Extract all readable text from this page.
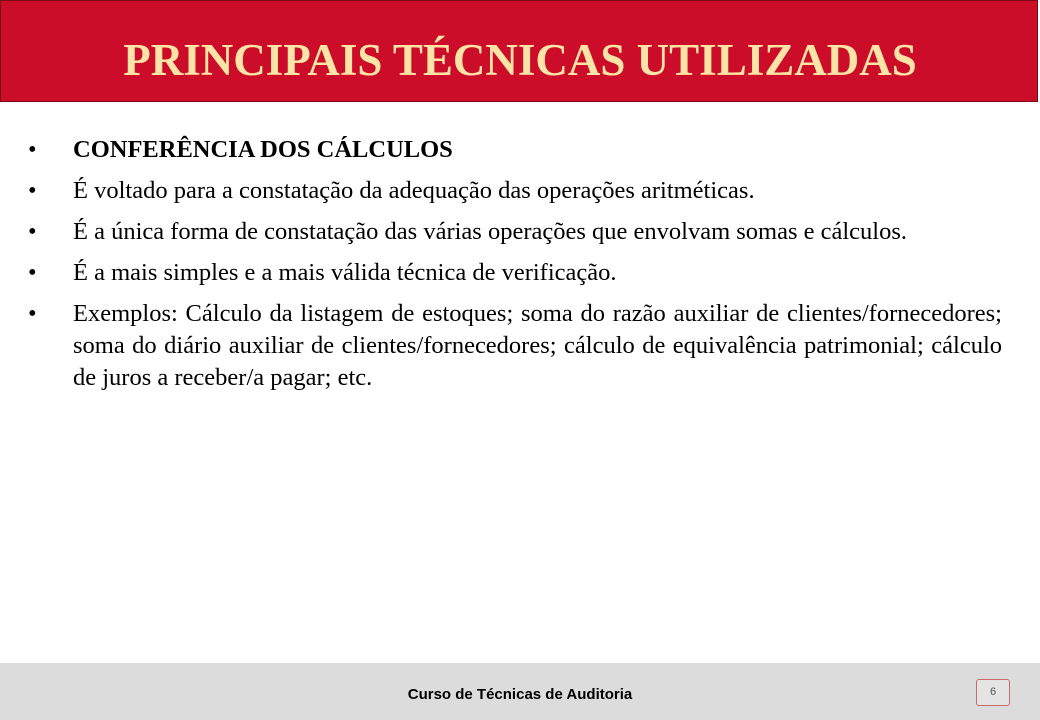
PRINCIPAIS TÉCNICAS UTILIZADAS
•	CONFERÊNCIA DOS CÁLCULOS
•	É voltado para a constatação da adequação das operações aritméticas.
•	É a única forma de constatação das várias operações que envolvam somas e cálculos.
•	É a mais simples e a mais válida técnica de verificação.
•	Exemplos: Cálculo da listagem de estoques; soma do razão auxiliar de clientes/fornecedores; soma do diário auxiliar de clientes/fornecedores; cálculo de equivalência patrimonial; cálculo de juros a receber/a pagar; etc.
Curso de Técnicas de Auditoria	6
